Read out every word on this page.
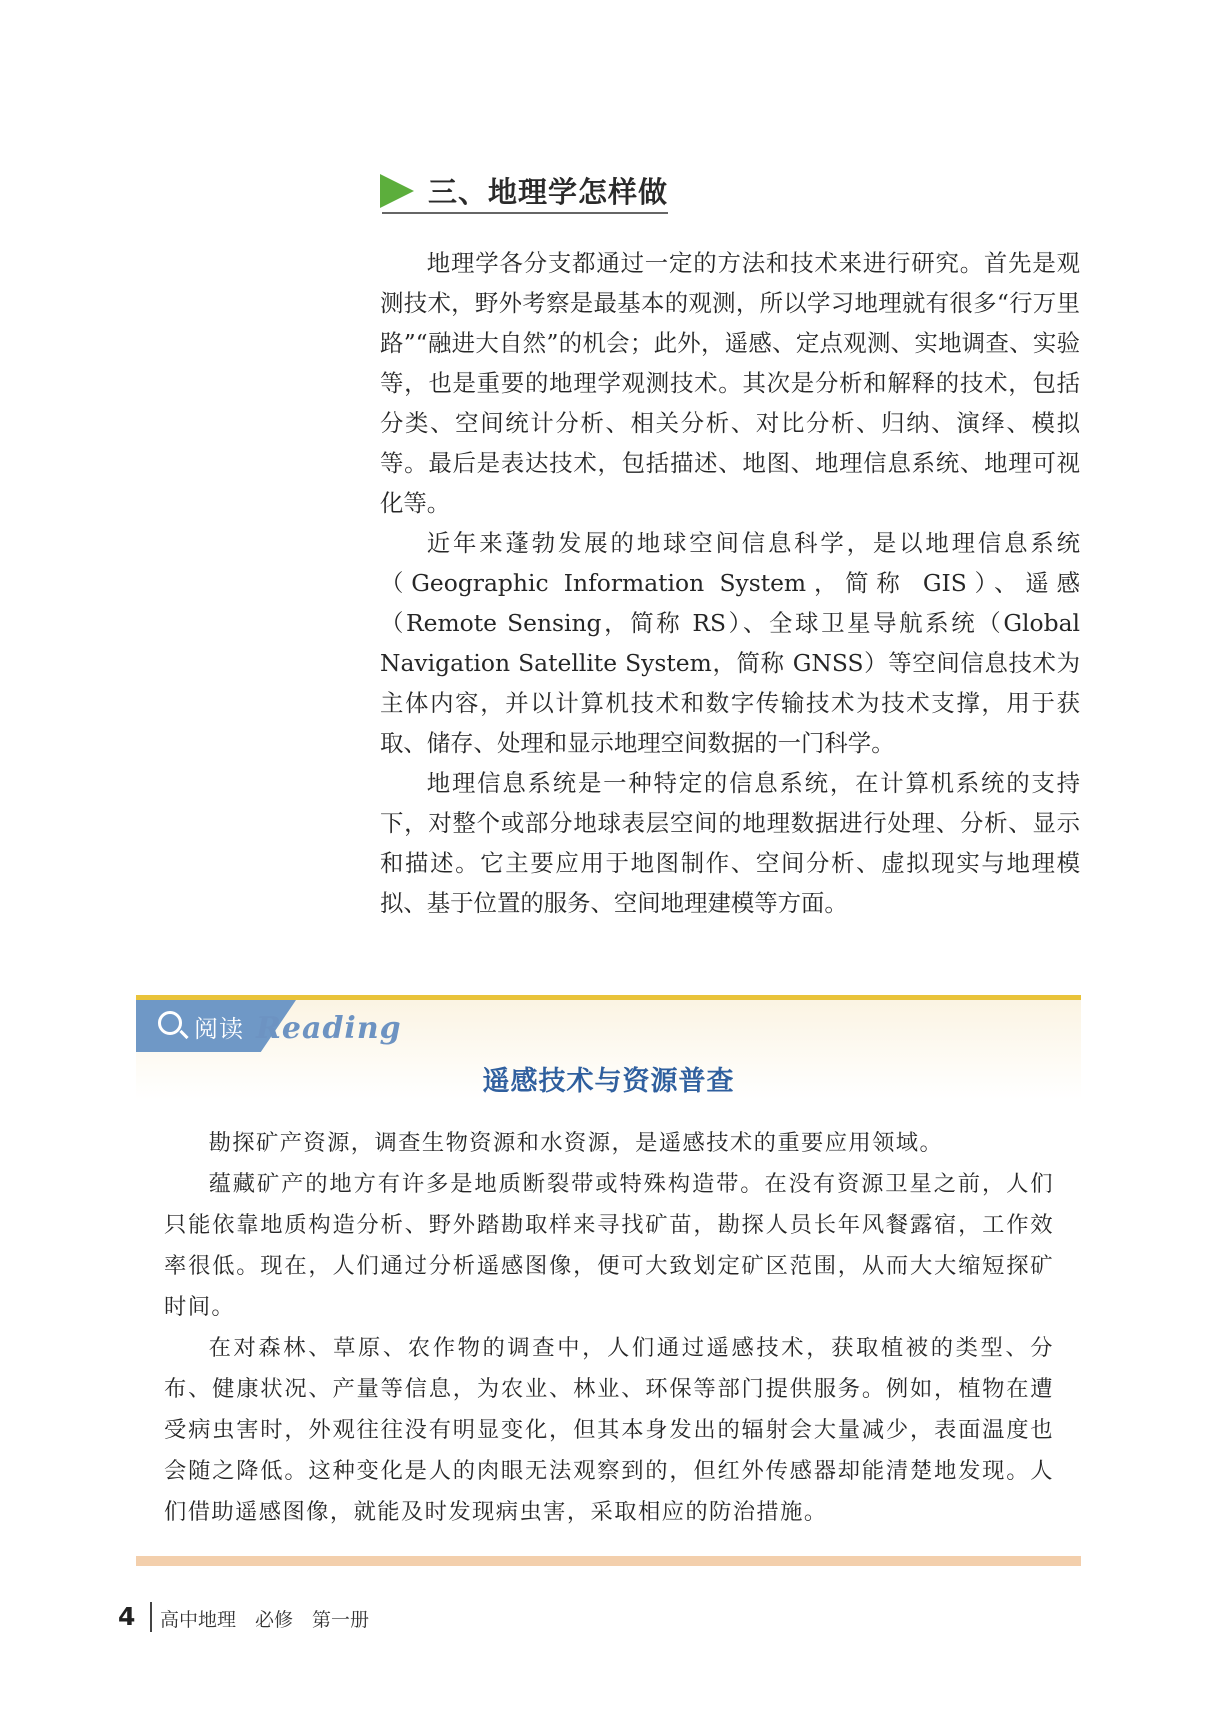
三、地理学怎样做

地理学各分支都通过一定的方法和技术来进行研究。首先是观测技术，野外考察是最基本的观测，所以学习地理就有很多“行万里路”“融进大自然”的机会；此外，遥感、定点观测、实地调查、实验等，也是重要的地理学观测技术。其次是分析和解释的技术，包括分类、空间统计分析、相关分析、对比分析、归纳、演绎、模拟等。最后是表达技术，包括描述、地图、地理信息系统、地理可视化等。

近年来蓬勃发展的地球空间信息科学，是以地理信息系统（Geographic Information System，简称 GIS）、遥感（Remote Sensing，简称 RS）、全球卫星导航系统（Global Navigation Satellite System，简称 GNSS）等空间信息技术为主体内容，并以计算机技术和数字传输技术为技术支撑，用于获取、储存、处理和显示地理空间数据的一门科学。

地理信息系统是一种特定的信息系统，在计算机系统的支持下，对整个或部分地球表层空间的地理数据进行处理、分析、显示和描述。它主要应用于地图制作、空间分析、虚拟现实与地理模拟、基于位置的服务、空间地理建模等方面。

阅读 Reading
遥感技术与资源普查

勘探矿产资源，调查生物资源和水资源，是遥感技术的重要应用领域。

蕴藏矿产的地方有许多是地质断裂带或特殊构造带。在没有资源卫星之前，人们只能依靠地质构造分析、野外踏勘取样来寻找矿苗，勘探人员长年风餐露宿，工作效率很低。现在，人们通过分析遥感图像，便可大致划定矿区范围，从而大大缩短探矿时间。

在对森林、草原、农作物的调查中，人们通过遥感技术，获取植被的类型、分布、健康状况、产量等信息，为农业、林业、环保等部门提供服务。例如，植物在遭受病虫害时，外观往往没有明显变化，但其本身发出的辐射会大量减少，表面温度也会随之降低。这种变化是人的肉眼无法观察到的，但红外传感器却能清楚地发现。人们借助遥感图像，就能及时发现病虫害，采取相应的防治措施。

4 高中地理　必修　第一册
